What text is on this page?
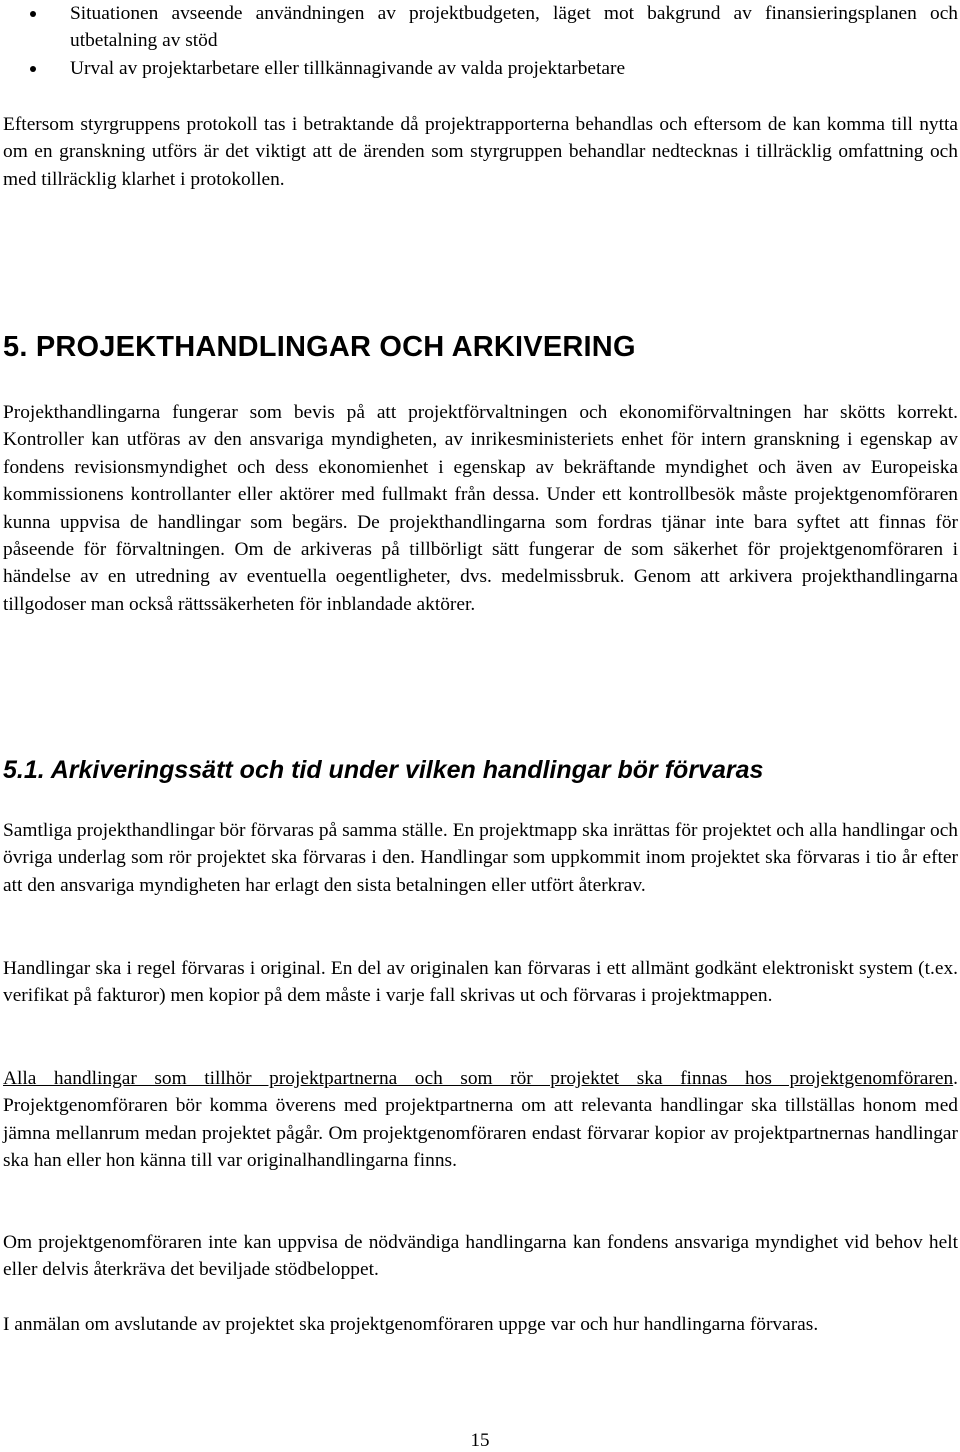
Situationen avseende användningen av projektbudgeten, läget mot bakgrund av finansieringsplanen och utbetalning av stöd
Urval av projektarbetare eller tillkännagivande av valda projektarbetare

Eftersom styrgruppens protokoll tas i betraktande då projektrapporterna behandlas och eftersom de kan komma till nytta om en granskning utförs är det viktigt att de ärenden som styrgruppen behandlar nedtecknas i tillräcklig omfattning och med tillräcklig klarhet i protokollen.

5. PROJEKTHANDLINGAR OCH ARKIVERING

Projekthandlingarna fungerar som bevis på att projektförvaltningen och ekonomiförvaltningen har skötts korrekt. Kontroller kan utföras av den ansvariga myndigheten, av inrikesministeriets enhet för intern granskning i egenskap av fondens revisionsmyndighet och dess ekonomienhet i egenskap av bekräftande myndighet och även av Europeiska kommissionens kontrollanter eller aktörer med fullmakt från dessa. Under ett kontrollbesök måste projektgenomföraren kunna uppvisa de handlingar som begärs. De projekthandlingarna som fordras tjänar inte bara syftet att finnas för påseende för förvaltningen. Om de arkiveras på tillbörligt sätt fungerar de som säkerhet för projektgenomföraren i händelse av en utredning av eventuella oegentligheter, dvs. medelmissbruk. Genom att arkivera projekthandlingarna tillgodoser man också rättssäkerheten för inblandade aktörer.

5.1. Arkiveringssätt och tid under vilken handlingar bör förvaras

Samtliga projekthandlingar bör förvaras på samma ställe. En projektmapp ska inrättas för projektet och alla handlingar och övriga underlag som rör projektet ska förvaras i den. Handlingar som uppkommit inom projektet ska förvaras i tio år efter att den ansvariga myndigheten har erlagt den sista betalningen eller utfört återkrav.

Handlingar ska i regel förvaras i original. En del av originalen kan förvaras i ett allmänt godkänt elektroniskt system (t.ex. verifikat på fakturor) men kopior på dem måste i varje fall skrivas ut och förvaras i projektmappen.

Alla handlingar som tillhör projektpartnerna och som rör projektet ska finnas hos projektgenomföraren. Projektgenomföraren bör komma överens med projektpartnerna om att relevanta handlingar ska tillställas honom med jämna mellanrum medan projektet pågår. Om projektgenomföraren endast förvarar kopior av projektpartnernas handlingar ska han eller hon känna till var originalhandlingarna finns.

Om projektgenomföraren inte kan uppvisa de nödvändiga handlingarna kan fondens ansvariga myndighet vid behov helt eller delvis återkräva det beviljade stödbeloppet.

I anmälan om avslutande av projektet ska projektgenomföraren uppge var och hur handlingarna förvaras.

15
